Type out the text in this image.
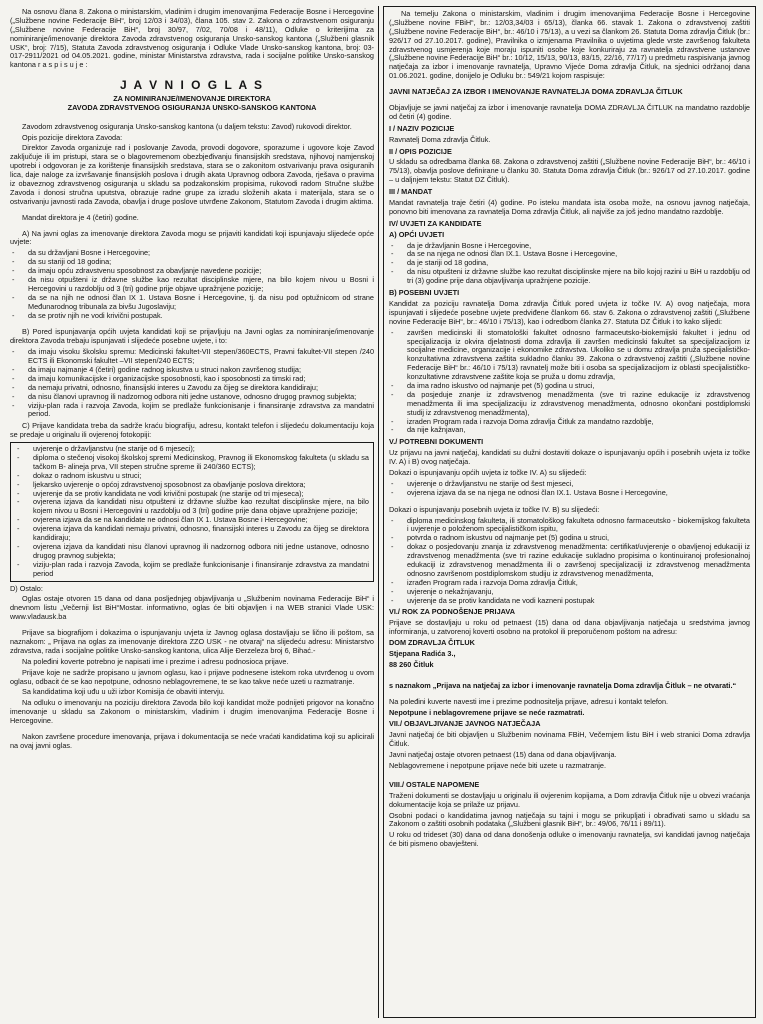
Na osnovu člana 8. Zakona o ministarskim, vladinim i drugim imenovanjima Federacije Bosne i Hercegovine („Službene novine Federacije BiH“, broj 12/03 i 34/03), člana 105. stav 2. Zakona o zdravstvenom osiguranju („Službene novine Federacije BiH“, broj 30/97, 7/02, 70/08 i 48/11), Odluke o kriterijima za nominiranje/imenovanje direktora Zavoda zdravstvenog osiguranja Unsko-sanskog kantona („Službeni glasnik USK“, broj: 7/15), Statuta Zavoda zdravstvenog osiguranja i Odluke Vlade Unsko-sanskog kantona, broj: 03-017-2911/2021 od 04.05.2021. godine, ministar Ministarstva zdravstva, rada i socijalne politike Unsko-sanskog kantona r a s p i s u j e :

J A V N I O G L A S
ZA NOMINIRANJE/IMENOVANJE DIREKTORA
ZAVODA ZDRAVSTVENOG OSIGURANJA UNSKO-SANSKOG KANTONA

Zavodom zdravstvenog osiguranja Unsko-sanskog kantona (u daljem tekstu: Zavod) rukovodi direktor.

Opis pozicije direktora Zavoda:

Direktor Zavoda organizuje rad i poslovanje Zavoda, provodi dogovore, sporazume i ugovore koje Zavod zaključuje ili im pristupi, stara se o blagovremenom obezbjeđivanju finansijskih sredstava, njihovoj namjenskoj upotrebi i odgovoran je za korištenje finansijskih sredstava, stara se o zakonitom ostvarivanju prava osiguranih lica, daje naloge za izvršavanje finansijskih poslova i drugih akata Upravnog odbora Zavoda, rješava o pravima iz obaveznog zdravstvenog osiguranja u skladu sa podzakonskim propisima, rukovodi radom Stručne službe Zavoda i donosi stručna uputstva, obrazuje radne grupe za izradu složenih akata i materijala, stara se o ostvarivanju javnosti rada Zavoda, obavlja i druge poslove utvrđene Zakonom, Statutom Zavoda i drugim aktima.

Mandat direktora je 4 (četiri) godine.

A) Na javni oglas za imenovanje direktora Zavoda mogu se prijaviti kandidati koji ispunjavaju slijedeće opće uvjete:

- da su državljani Bosne i Hercegovine;
- da su stariji od 18 godina;
- da imaju opću zdravstvenu sposobnost za obavljanje navedene pozicije;
- da nisu otpušteni iz državne službe kao rezultat disciplinske mjere, na bilo kojem nivou u Bosni i Hercegovini u razdoblju od 3 (tri) godine prije objave upražnjene pozicije;
- da se na njih ne odnosi član IX 1. Ustava Bosne i Hercegovine, tj. da nisu pod optužnicom od strane Međunarodnog tribunala za bivšu Jugoslaviju;
- da se protiv njih ne vodi krivični postupak.

B) Pored ispunjavanja općih uvjeta kandidati koji se prijavljuju na Javni oglas za nominiranje/imenovanje direktora Zavoda trebaju ispunjavati i slijedeće posebne uvjete, i to:

- da imaju visoku školsku spremu: Medicinski fakultet-VII stepen/360ECTS, Pravni fakultet-VII stepen /240 ECTS ili Ekonomski fakultet –VII stepen/240 ECTS;
- da imaju najmanje 4 (četiri) godine radnog iskustva u struci nakon završenog studija;
- da imaju komunikacijske i organizacijske sposobnosti, kao i sposobnosti za timski rad;
- da nemaju privatni, odnosno, finansijski interes u Zavodu za čijeg se direktora kandidiraju;
- da nisu članovi upravnog ili nadzornog odbora niti jedne ustanove, odnosno drugog pravnog subjekta;
- viziju-plan rada i razvoja Zavoda, kojim se predlaže funkcionisanje i finansiranje zdravstva za mandatni period.

C) Prijave kandidata treba da sadrže kraću biografiju, adresu, kontakt telefon i slijedeću dokumentaciju koja se predaje u originalu ili ovjerenoj fotokopiji:

- uvjerenje o državljanstvu (ne starije od 6 mjeseci);
- diploma o stečenoj visokoj školskoj spremi Medicinskog, Pravnog ili Ekonomskog fakulteta (u skladu sa tačkom B- alineja prva, VII stepen stručne spreme ili 240/360 ECTS);
- dokaz o radnom iskustvu u struci;
- ljekarsko uvjerenje o općoj zdravstvenoj sposobnost za obavljanje poslova direktora;
- uvjerenje da se protiv kandidata ne vodi krivični postupak (ne starije od tri mjeseca);
- ovjerena izjava da kandidati nisu otpušteni iz državne službe kao rezultat disciplinske mjere, na bilo kojem nivou u Bosni i Hercegovini u razdoblju od 3 (tri) godine prije dana objave upražnjene pozicije;
- ovjerena izjava da se na kandidate ne odnosi član IX 1. Ustava Bosne i Hercegovine;
- ovjerena izjava da kandidati nemaju privatni, odnosno, finansijski interes u Zavodu za čijeg se direktora kandidiraju;
- ovjerena izjava da kandidati nisu članovi upravnog ili nadzornog odbora niti jedne ustanove, odnosno drugog pravnog subjekta;
- viziju-plan rada i razvoja Zavoda, kojim se predlaže funkcionisanje i finansiranje zdravstva za mandatni period

D) Ostalo:

Oglas ostaje otvoren 15 dana od dana posljednjeg objavljivanja u „Službenim novinama Federacije BiH“ i dnevnom listu „Večernji list BiH“Mostar. informativno, oglas će biti objavljen i na WEB stranici Vlade USK: www.vladausk.ba

Prijave sa biografijom i dokazima o ispunjavanju uvjeta iz Javnog oglasa dostavljaju se lično ili poštom, sa naznakom: „ Prijava na oglas za imenovanje direktora ZZO USK - ne otvaraj“ na slijedeću adresu: Ministarstvo zdravstva, rada i socijalne politike Unsko-sanskog kantona, ulica Alije Đerzeleza broj 6, Bihać.-

Na poleđini koverte potrebno je napisati ime i prezime i adresu podnosioca prijave.

Prijave koje ne sadrže propisano u javnom oglasu, kao i prijave podnesene istekom roka utvrđenog u ovom oglasu, odbacit će se kao nepotpune, odnosno neblagovremene, te se kao takve neće uzeti u razmatranje.

Sa kandidatima koji uđu u uži izbor Komisija će obaviti intervju.

Na odluku o imenovanju na poziciju direktora Zavoda bilo koji kandidat može podnijeti prigovor na konačno imenovanje u skladu sa Zakonom o ministarskim, vladinim i drugim imenovanjima Federacije Bosne i Hercegovine.

Nakon završene procedure imenovanja, prijava i dokumentacija se neće vraćati kandidatima koji su aplicirali na ovaj javni oglas.

Na temelju Zakona o ministarskim, vladinim i drugim imenovanjima Federacije Bosne i Hercegovine („Službene novine FBiH“, br.: 12/03,34/03 i 65/13), članka 66. stavak 1. Zakona o zdravstvenoj zaštiti („Službene novine Federacije BiH“, br.: 46/10 i 75/13), a u vezi sa člankom 26. Statuta Doma zdravlja Čitluk (br.: 926/17 od 27.10.2017. godine), Pravilnika o izmjenama Pravilnika o uvjetima glede vrste završenog fakulteta zdravstvenog usmjerenja koje moraju ispuniti osobe koje konkuriraju za ravnatelja zdravstvene ustanove („Službene novine Federacije BiH“ br.: 10/12, 15/13, 90/13, 83/15, 22/16, 77/17) u predmetu raspisivanja javnog natječaja za izbor i imenovanje ravnatelja, Upravno Vijeće Doma zdravlja Čitluk, na sjednici održanoj dana 01.06.2021. godine, donijelo je Odluku br.: 549/21 kojom raspisuje:

JAVNI NATJEČAJ ZA IZBOR I IMENOVANJE RAVNATELJA DOMA ZDRAVLJA ČITLUK

Objavljuje se javni natječaj za izbor i imenovanje ravnatelja DOMA ZDRAVLJA ČITLUK na mandatno razdoblje od četiri (4) godine.

I / NAZIV POZICIJE

Ravnatelj Doma zdravlja Čitluk.

II / OPIS POZICIJE

U skladu sa odredbama članka 68. Zakona o zdravstvenoj zaštiti („Službene novine Federacije BiH“, br.: 46/10 i 75/13), obavlja poslove definirane u članku 30. Statuta Doma zdravlja Čitluk (br.: 926/17 od 27.10.2017. godine – u daljnjem tekstu: Statut DZ Čitluk).

III / MANDAT

Mandat ravnatelja traje četiri (4) godine. Po isteku mandata ista osoba može, na osnovu javnog natječaja, ponovno biti imenovana za ravnatelja Doma zdravlja Čitluk, ali najviše za još jedno mandatno razdoblje.

IV/ UVJETI ZA KANDIDATE

A) OPĆI UVJETI

- da je državljanin Bosne i Hercegovine,
- da se na njega ne odnosi član IX.1. Ustava Bosne i Hercegovine,
- da je stariji od 18 godina,
- da nisu otpušteni iz državne službe kao rezultat disciplinske mjere na bilo kojoj razini u BiH u razdoblju od tri (3) godine prije dana objavljivanja upražnjene pozicije.

B) POSEBNI UVJETI

Kandidat za poziciju ravnatelja Doma zdravlja Čitluk pored uvjeta iz točke IV. A) ovog natječaja, mora ispunjavati i slijedeće posebne uvjete predviđene člankom 66. stav 6. Zakona o zdravstvenoj zaštiti („Službene novine Federacije BiH“, br.: 46/10 i 75/13), kao i odredbom članka 27. Statuta DZ Čitluk i to kako slijedi:

- završen medicinski ili stomatološki fakultet odnosno farmaceutsko-biokemijski fakultet i jednu od specijalizacija iz okvira djelatnosti doma zdravlja ili završen medicinski fakultet sa specijalizacijom iz socijalne medicine, organizacije i ekonomike zdravstva. Ukoliko se u domu zdravlja pruža specijalističko-konzultativna zdravstvena zaštita sukladno članku 39. Zakona o zdravstvenoj zaštiti („Službene novine Federacije BiH“ br.: 46/10 i 75/13) ravnatelj može biti i osoba sa specijalizacijom iz oblasti specijalističko-konzultativne zdravstvene zaštite koja se pruža u domu zdravlja,
- da ima radno iskustvo od najmanje pet (5) godina u struci,
- da posjeduje znanje iz zdravstvenog menadžmenta (sve tri razine edukacije iz zdravstvenog menadžmenta ili ima specijalizaciju iz zdravstvenog menadžmenta, odnosno okončani postdiplomski studij iz zdravstvenog menadžmenta),
- izraden Program rada i razvoja Doma zdravlja Čitluk za mandatno razdoblje,
- da nije kažnjavan,

V./ POTREBNI DOKUMENTI

Uz prijavu na javni natječaj, kandidati su dužni dostaviti dokaze o ispunjavanju općih i posebnih uvjeta iz točke IV. A) i B) ovog natječaja.

Dokazi o ispunjavanju općih uvjeta iz točke IV. A) su slijedeći:

- uvjerenje o državljanstvu ne starije od šest mjeseci,
- ovjerena izjava da se na njega ne odnosi član IX.1. Ustava Bosne i Hercegovine,

Dokazi o ispunjavanju posebnih uvjeta iz točke IV. B) su slijedeći:

- diploma medicinskog fakulteta, ili stomatološkog fakulteta odnosno farmaceutsko - biokemijskog fakulteta i uvjerenje o položenom specijalističkom ispitu,
- potvrda o radnom iskustvu od najmanje pet (5) godina u struci,
- dokaz o posjedovanju znanja iz zdravstvenog menadžmenta: certifikat/uvjerenje o obavljenoj edukaciji iz zdravstvenog menadžmenta (sve tri razine edukacije sukladno propisima o kontinuiranoj profesionalnoj edukaciji iz zdravstvenog menadžmenta ili o završenoj specijalizaciji iz zdravstvenog menadžmenta odnosno završenom postdiplomskom studiju iz zdravstvenog menadžmenta,
- izrađen Program rada i razvoja Doma zdravlja Čitluk,
- uvjerenje o nekažnjavanju,
- uvjerenje da se protiv kandidata ne vodi kazneni postupak

VI./ ROK ZA PODNOŠENJE PRIJAVA

Prijave se dostavljaju u roku od petnaest (15) dana od dana objavljivanja natječaja u sredstvima javnog informiranja, u zatvorenoj koverti osobno na protokol ili preporučenom poštom na adresu:

DOM ZDRAVLJA ČITLUK

Stjepana Radića 3.,

88 260 Čitluk

s naznakom „Prijava na natječaj za izbor i imenovanje ravnatelja Doma zdravlja Čitluk – ne otvarati.“

Na poleđini kuverte navesti ime i prezime podnositelja prijave, adresu i kontakt telefon.

Nepotpune i neblagovremene prijave se neće razmatrati.

VII./ OBJAVLJIVANJE JAVNOG NATJEČAJA

Javni natječaj će biti objavljen u Službenim novinama FBiH, Večernjem listu BiH i web stranici Doma zdravlja Čitluk.

Javni natječaj ostaje otvoren petnaest (15) dana od dana objavljivanja.

Neblagovremene i nepotpune prijave neće biti uzete u razmatranje.

VIII./ OSTALE NAPOMENE

Traženi dokumenti se dostavljaju u originalu ili ovjerenim kopijama, a Dom zdravlja Čitluk nije u obvezi vraćanja dokumentacije koja se prilaže uz prijavu.

Osobni podaci o kandidatima javnog natječaja su tajni i mogu se prikupljati i obrađivati samo u skladu sa Zakonom o zaštiti osobnih podataka („Službeni glasnik BiH“, br.: 49/06, 76/11 i 89/11).

U roku od trideset (30) dana od dana donošenja odluke o imenovanju ravnatelja, svi kandidati javnog natječaja će biti pismeno obavješteni.
